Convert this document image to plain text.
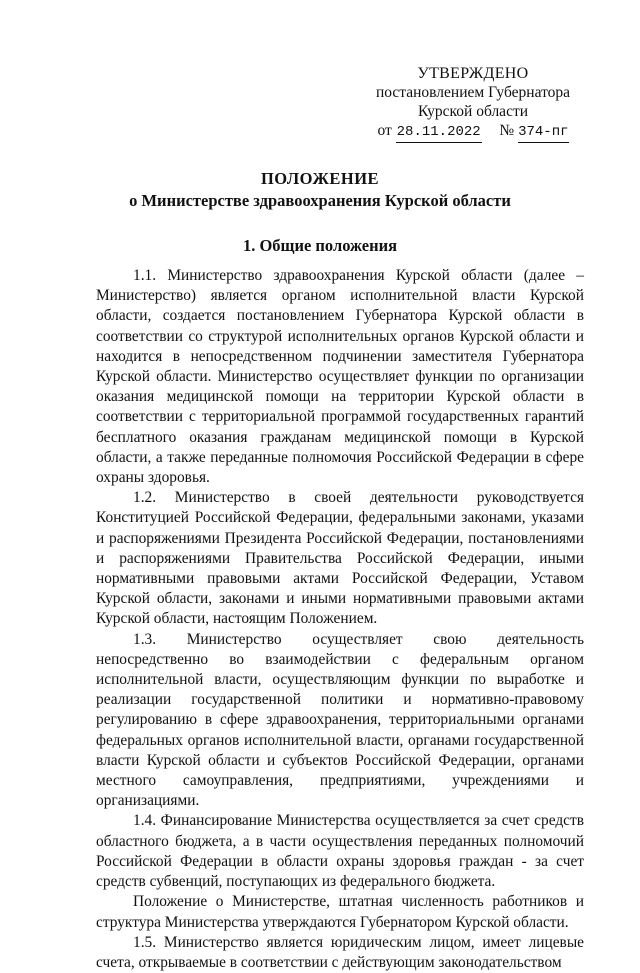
УТВЕРЖДЕНО
постановлением Губернатора
Курской области
от 28.11.2022 № 374-пг
ПОЛОЖЕНИЕ
о Министерстве здравоохранения Курской области
1. Общие положения

1.1. Министерство здравоохранения Курской области (далее – Министерство) является органом исполнительной власти Курской области, создается постановлением Губернатора Курской области в соответствии со структурой исполнительных органов Курской области и находится в непосредственном подчинении заместителя Губернатора Курской области. Министерство осуществляет функции по организации оказания медицинской помощи на территории Курской области в соответствии с территориальной программой государственных гарантий бесплатного оказания гражданам медицинской помощи в Курской области, а также переданные полномочия Российской Федерации в сфере охраны здоровья.

1.2. Министерство в своей деятельности руководствуется Конституцией Российской Федерации, федеральными законами, указами и распоряжениями Президента Российской Федерации, постановлениями и распоряжениями Правительства Российской Федерации, иными нормативными правовыми актами Российской Федерации, Уставом Курской области, законами и иными нормативными правовыми актами Курской области, настоящим Положением.

1.3. Министерство осуществляет свою деятельность непосредственно во взаимодействии с федеральным органом исполнительной власти, осуществляющим функции по выработке и реализации государственной политики и нормативно-правовому регулированию в сфере здравоохранения, территориальными органами федеральных органов исполнительной власти, органами государственной власти Курской области и субъектов Российской Федерации, органами местного самоуправления, предприятиями, учреждениями и организациями.

1.4. Финансирование Министерства осуществляется за счет средств областного бюджета, а в части осуществления переданных полномочий Российской Федерации в области охраны здоровья граждан - за счет средств субвенций, поступающих из федерального бюджета.

Положение о Министерстве, штатная численность работников и структура Министерства утверждаются Губернатором Курской области.

1.5. Министерство является юридическим лицом, имеет лицевые счета, открываемые в соответствии с действующим законодательством
